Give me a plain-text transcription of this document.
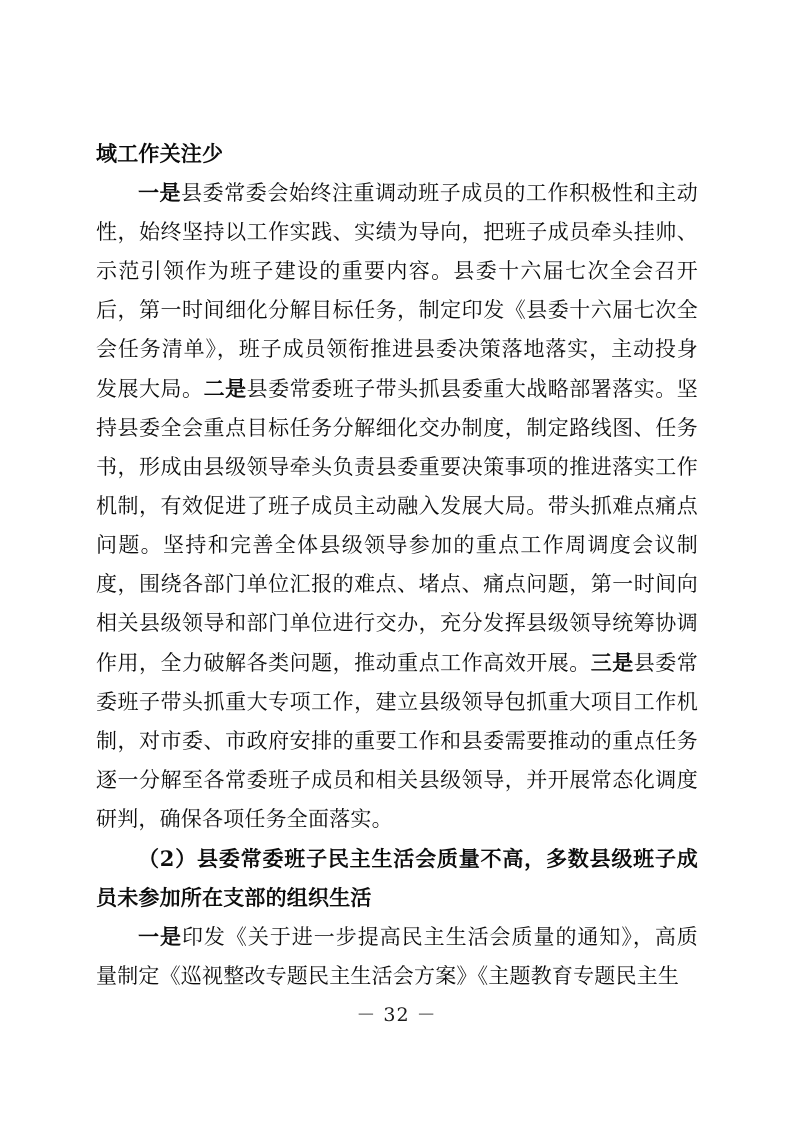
域工作关注少

一是县委常委会始终注重调动班子成员的工作积极性和主动性，始终坚持以工作实践、实绩为导向，把班子成员牵头挂帅、示范引领作为班子建设的重要内容。县委十六届七次全会召开后，第一时间细化分解目标任务，制定印发《县委十六届七次全会任务清单》，班子成员领衔推进县委决策落地落实，主动投身发展大局。二是县委常委班子带头抓县委重大战略部署落实。坚持县委全会重点目标任务分解细化交办制度，制定路线图、任务书，形成由县级领导牵头负责县委重要决策事项的推进落实工作机制，有效促进了班子成员主动融入发展大局。带头抓难点痛点问题。坚持和完善全体县级领导参加的重点工作周调度会议制度，围绕各部门单位汇报的难点、堵点、痛点问题，第一时间向相关县级领导和部门单位进行交办，充分发挥县级领导统筹协调作用，全力破解各类问题，推动重点工作高效开展。三是县委常委班子带头抓重大专项工作，建立县级领导包抓重大项目工作机制，对市委、市政府安排的重要工作和县委需要推动的重点任务逐一分解至各常委班子成员和相关县级领导，并开展常态化调度研判，确保各项任务全面落实。

（2）县委常委班子民主生活会质量不高，多数县级班子成员未参加所在支部的组织生活

一是印发《关于进一步提高民主生活会质量的通知》，高质量制定《巡视整改专题民主生活会方案》《主题教育专题民主生

－ 32 －
